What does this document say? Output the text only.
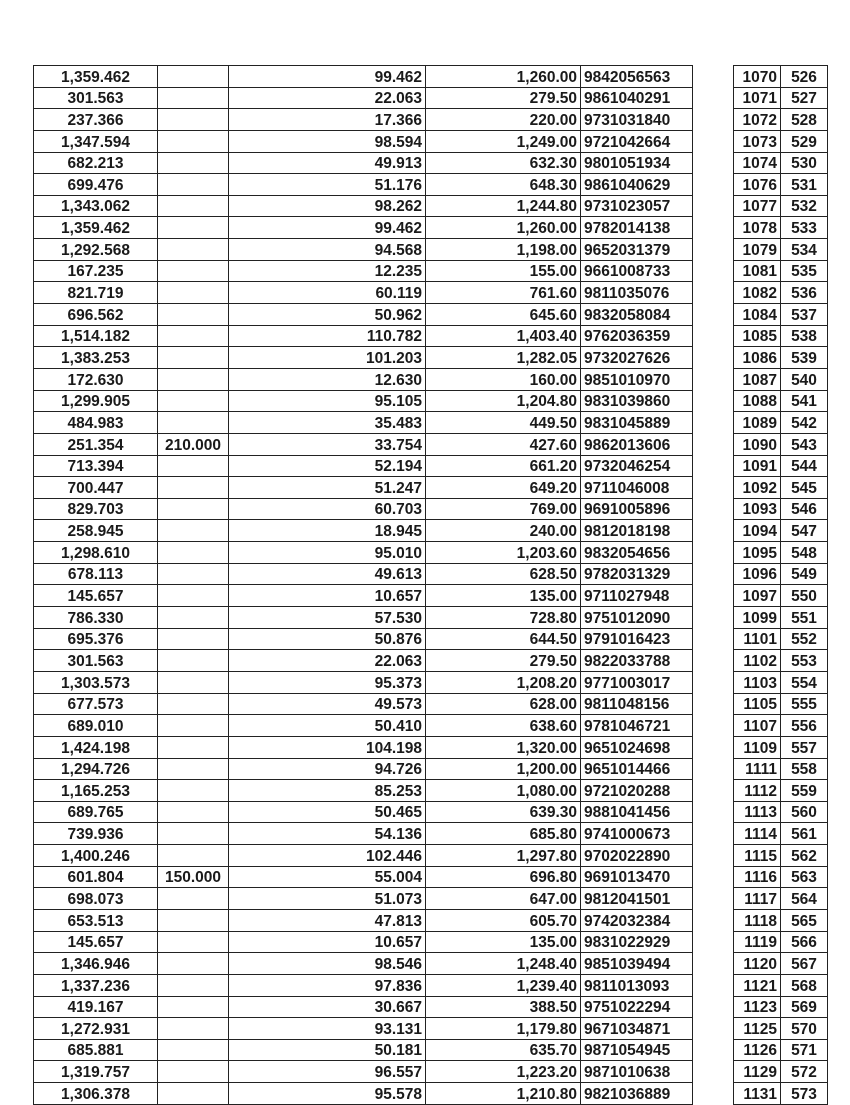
1,359.462		99.462	1,260.00	9842056563		1070	526
301.563		22.063	279.50	9861040291		1071	527
237.366		17.366	220.00	9731031840		1072	528
1,347.594		98.594	1,249.00	9721042664		1073	529
682.213		49.913	632.30	9801051934		1074	530
699.476		51.176	648.30	9861040629		1076	531
1,343.062		98.262	1,244.80	9731023057		1077	532
1,359.462		99.462	1,260.00	9782014138		1078	533
1,292.568		94.568	1,198.00	9652031379		1079	534
167.235		12.235	155.00	9661008733		1081	535
821.719		60.119	761.60	9811035076		1082	536
696.562		50.962	645.60	9832058084		1084	537
1,514.182		110.782	1,403.40	9762036359		1085	538
1,383.253		101.203	1,282.05	9732027626		1086	539
172.630		12.630	160.00	9851010970		1087	540
1,299.905		95.105	1,204.80	9831039860		1088	541
484.983		35.483	449.50	9831045889		1089	542
251.354	210.000	33.754	427.60	9862013606		1090	543
713.394		52.194	661.20	9732046254		1091	544
700.447		51.247	649.20	9711046008		1092	545
829.703		60.703	769.00	9691005896		1093	546
258.945		18.945	240.00	9812018198		1094	547
1,298.610		95.010	1,203.60	9832054656		1095	548
678.113		49.613	628.50	9782031329		1096	549
145.657		10.657	135.00	9711027948		1097	550
786.330		57.530	728.80	9751012090		1099	551
695.376		50.876	644.50	9791016423		1101	552
301.563		22.063	279.50	9822033788		1102	553
1,303.573		95.373	1,208.20	9771003017		1103	554
677.573		49.573	628.00	9811048156		1105	555
689.010		50.410	638.60	9781046721		1107	556
1,424.198		104.198	1,320.00	9651024698		1109	557
1,294.726		94.726	1,200.00	9651014466		1111	558
1,165.253		85.253	1,080.00	9721020288		1112	559
689.765		50.465	639.30	9881041456		1113	560
739.936		54.136	685.80	9741000673		1114	561
1,400.246		102.446	1,297.80	9702022890		1115	562
601.804	150.000	55.004	696.80	9691013470		1116	563
698.073		51.073	647.00	9812041501		1117	564
653.513		47.813	605.70	9742032384		1118	565
145.657		10.657	135.00	9831022929		1119	566
1,346.946		98.546	1,248.40	9851039494		1120	567
1,337.236		97.836	1,239.40	9811013093		1121	568
419.167		30.667	388.50	9751022294		1123	569
1,272.931		93.131	1,179.80	9671034871		1125	570
685.881		50.181	635.70	9871054945		1126	571
1,319.757		96.557	1,223.20	9871010638		1129	572
1,306.378		95.578	1,210.80	9821036889		1131	573
